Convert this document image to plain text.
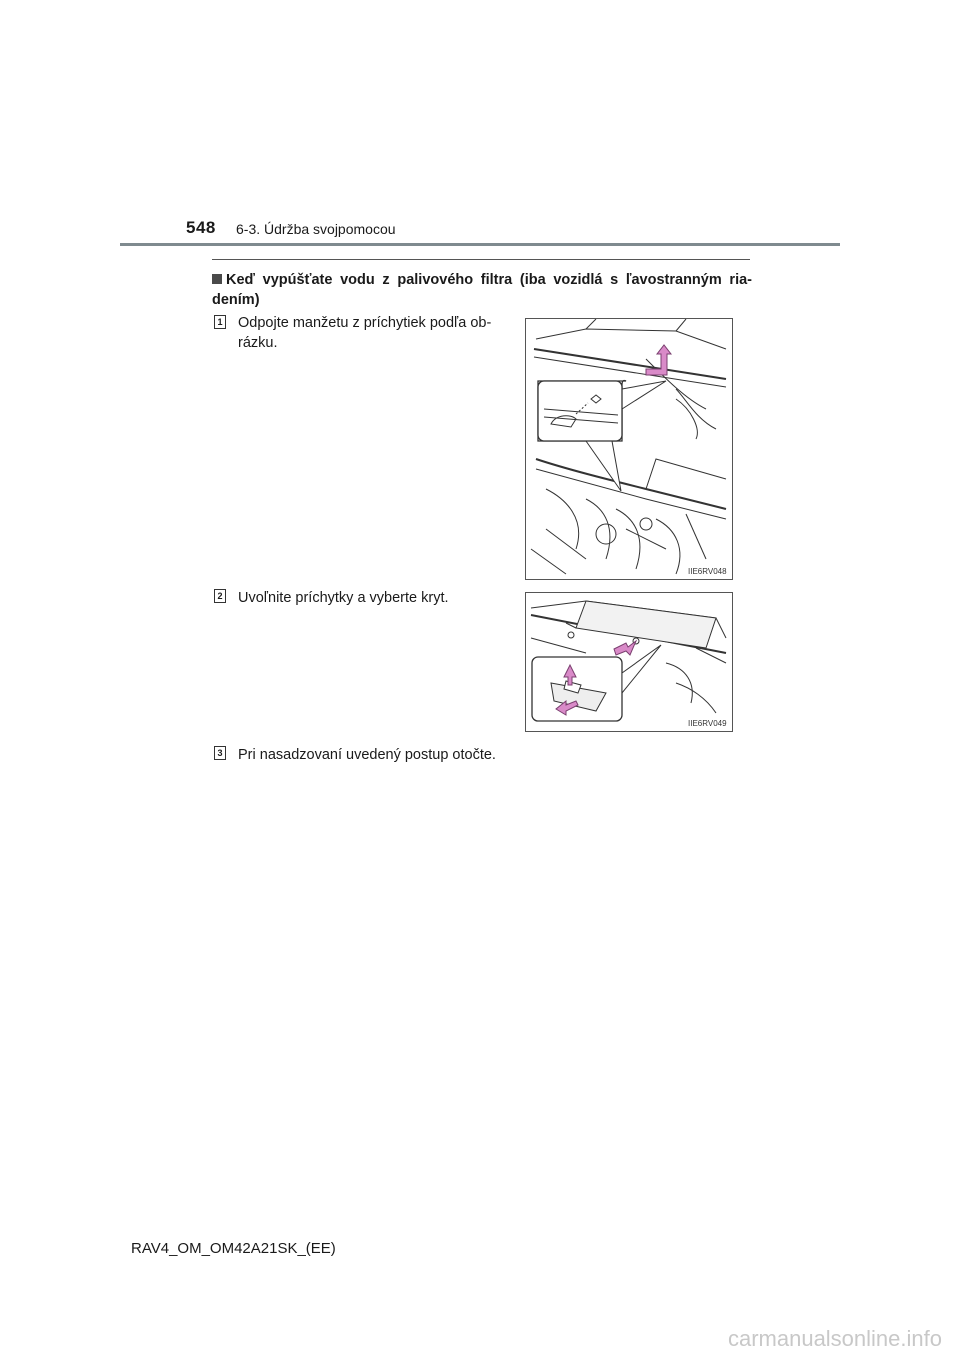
548 6-3. Údržba svojpomocou
Keď vypúšťate vodu z palivového filtra (iba vozidlá s ľavostranným ria-dením)
1 Odpojte manžetu z príchytiek podľa ob-
rázku.
IIE6RV048
2 Uvoľnite príchytky a vyberte kryt.
IIE6RV049
3 Pri nasadzovaní uvedený postup otočte.
RAV4_OM_OM42A21SK_(EE)
carmanualsonline.info
